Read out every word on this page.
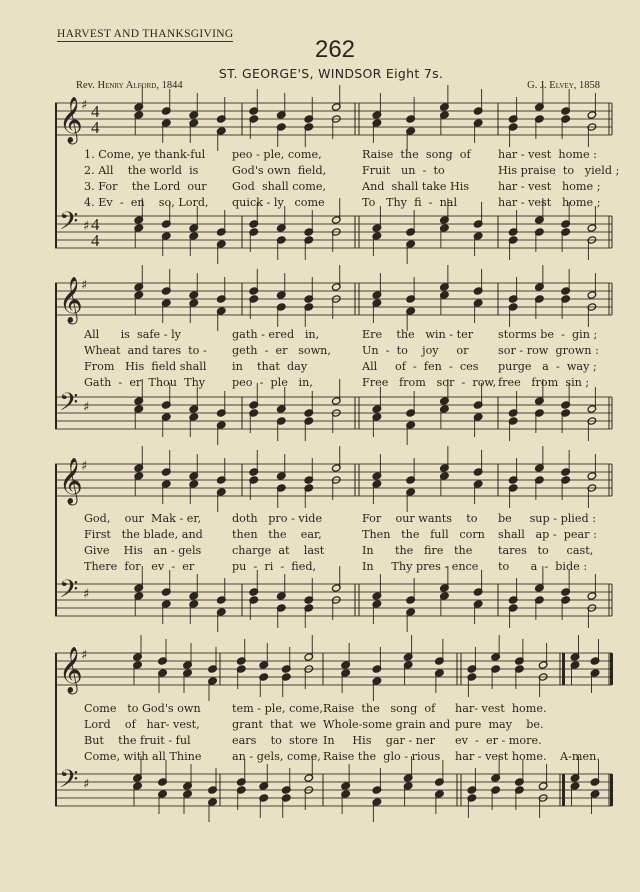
HARVEST AND THANKSGIVING
262
ST. GEORGE'S, WINDSOR Eight 7s.
Rev. Henry Alford, 1844	G. J. Elvey, 1858
𝄞
♯ 4
4
𝄢 ♯ 4
4
1. Come, ye thank-ful peo - ple, come,	Raise  the  song  of har - vest  home :
2. All    the world  is	God's own  field,	Fruit   un  -  to	His praise  to   yield ;
3. For    the Lord  our God  shall come,	And  shall take His	har - vest   home ;
4. Ev  -  en    so, Lord, quick - ly   come	To   Thy  fi  -  nal	har - vest   home ;
𝄞
♯
𝄢 ♯
All      is  safe - ly	gath - ered   in,	Ere    the   win - ter storms be  -  gin ;
Wheat  and tares  to - geth  -  er   sown,	Un  -  to    joy     or	sor - row  grown :
From   His  field shall in    that  day	All     of  -  fen  -  ces purge   a  -  way ;
Gath  -  er  Thou  Thy peo  -  ple   in,	Free   from   sor  -  row, free   from  sin ;
𝄞
♯
𝄢 ♯
God,    our  Mak - er,	doth   pro - vide	For    our wants    to be     sup - plied :
First   the blade, and	then   the    ear,	Then   the   full   corn shall   ap -  pear :
Give    His   an - gels	charge  at    last	In      the   fire   the tares   to     cast,
There  for   ev  -  er	pu  -  ri  -  fied,	In     Thy pres - ence to      a  -  bide :
𝄞
♯
𝄢 ♯
Come   to God's own	tem - ple, come, Raise  the   song  of har- vest  home.
Lord    of   har- vest,	grant  that  we Whole-some grain and pure  may    be.
But    the fruit - ful	ears    to  store In     His    gar - ner ev  -  er - more.
Come, with all Thine	an - gels, come, Raise the  glo - rious har - vest home. A-men.
